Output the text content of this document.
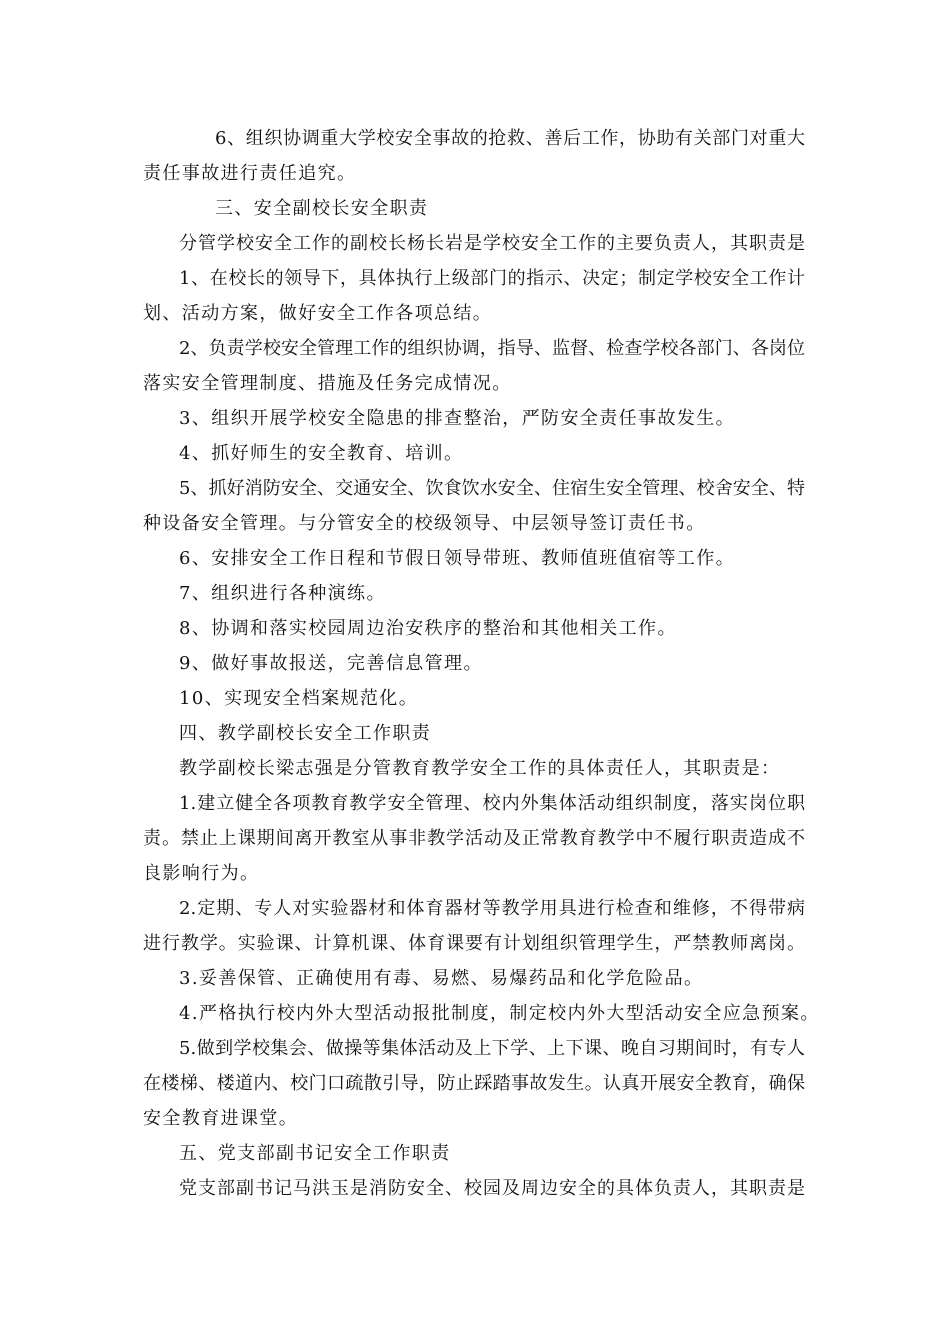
6、组织协调重大学校安全事故的抢救、善后工作，协助有关部门对重大
责任事故进行责任追究。
三、安全副校长安全职责
分管学校安全工作的副校长杨长岩是学校安全工作的主要负责人，其职责是
1、在校长的领导下，具体执行上级部门的指示、决定；制定学校安全工作计
划、活动方案，做好安全工作各项总结。
2、负责学校安全管理工作的组织协调，指导、监督、检查学校各部门、各岗位
落实安全管理制度、措施及任务完成情况。
3、组织开展学校安全隐患的排查整治，严防安全责任事故发生。
4、抓好师生的安全教育、培训。
5、抓好消防安全、交通安全、饮食饮水安全、住宿生安全管理、校舍安全、特
种设备安全管理。与分管安全的校级领导、中层领导签订责任书。
6、安排安全工作日程和节假日领导带班、教师值班值宿等工作。
7、组织进行各种演练。
8、协调和落实校园周边治安秩序的整治和其他相关工作。
9、做好事故报送，完善信息管理。
10、实现安全档案规范化。
四、教学副校长安全工作职责
教学副校长梁志强是分管教育教学安全工作的具体责任人，其职责是：
1.建立健全各项教育教学安全管理、校内外集体活动组织制度，落实岗位职
责。禁止上课期间离开教室从事非教学活动及正常教育教学中不履行职责造成不
良影响行为。
2.定期、专人对实验器材和体育器材等教学用具进行检查和维修，不得带病
进行教学。实验课、计算机课、体育课要有计划组织管理学生，严禁教师离岗。
3.妥善保管、正确使用有毒、易燃、易爆药品和化学危险品。
4.严格执行校内外大型活动报批制度，制定校内外大型活动安全应急预案。
5.做到学校集会、做操等集体活动及上下学、上下课、晚自习期间时，有专人
在楼梯、楼道内、校门口疏散引导，防止踩踏事故发生。认真开展安全教育，确保
安全教育进课堂。
五、党支部副书记安全工作职责
党支部副书记马洪玉是消防安全、校园及周边安全的具体负责人，其职责是
